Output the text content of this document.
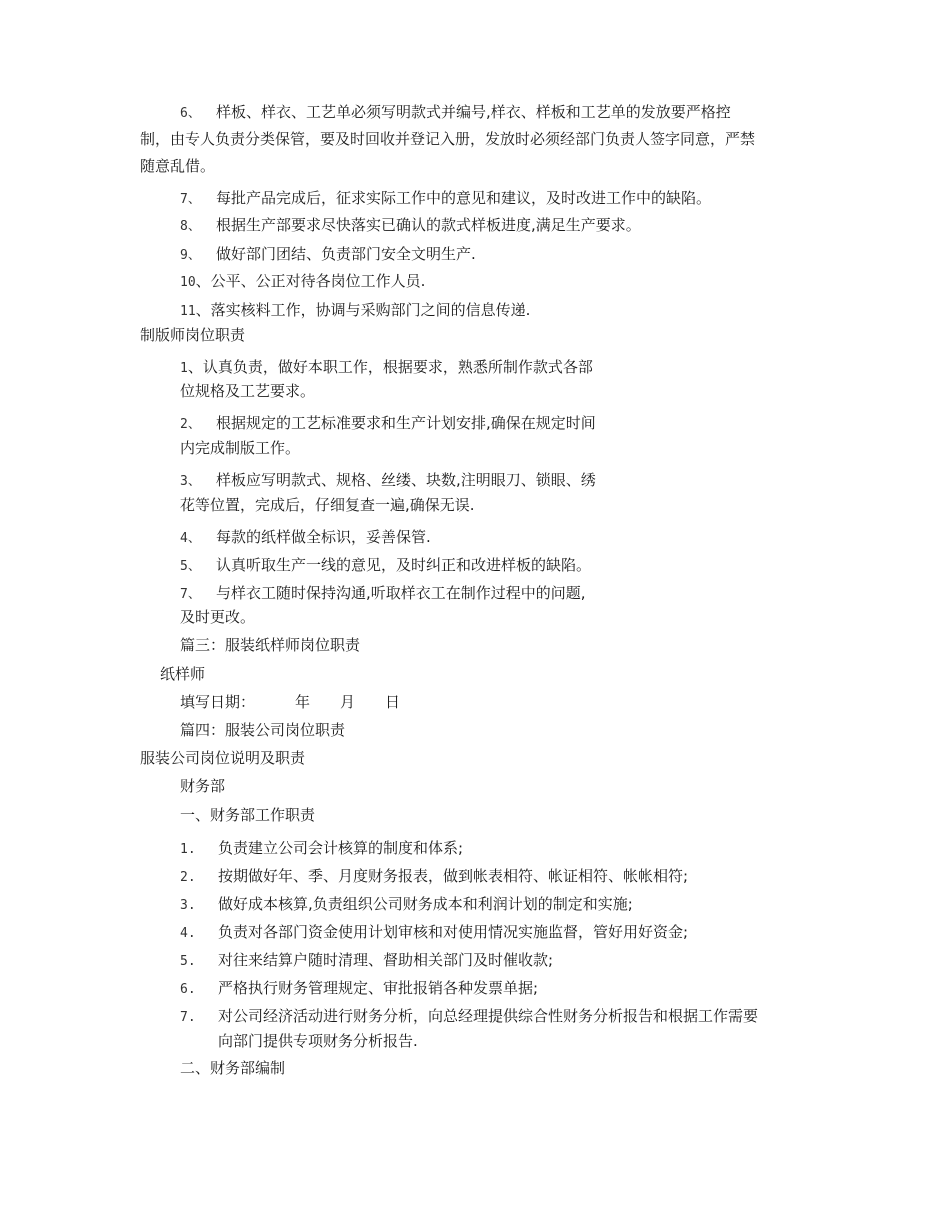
6、 样板、样衣、工艺单必须写明款式并编号,样衣、样板和工艺单的发放要严格控
制，由专人负责分类保管，要及时回收并登记入册，发放时必须经部门负责人签字同意，严禁
随意乱借。
7、 每批产品完成后，征求实际工作中的意见和建议，及时改进工作中的缺陷。
8、 根据生产部要求尽快落实已确认的款式样板进度,满足生产要求。
9、 做好部门团结、负责部门安全文明生产.
10、公平、公正对待各岗位工作人员.
11、落实核料工作，协调与采购部门之间的信息传递.
制版师岗位职责
1、认真负责，做好本职工作，根据要求，熟悉所制作款式各部
位规格及工艺要求。
2、 根据规定的工艺标准要求和生产计划安排,确保在规定时间
内完成制版工作。
3、 样板应写明款式、规格、丝缕、块数,注明眼刀、锁眼、绣
花等位置，完成后，仔细复查一遍,确保无误.
4、 每款的纸样做全标识，妥善保管.
5、 认真听取生产一线的意见，及时纠正和改进样板的缺陷。
7、 与样衣工随时保持沟通,听取样衣工在制作过程中的问题,
及时更改。
篇三：服装纸样师岗位职责
纸样师
填写日期：	年 月 日
篇四：服装公司岗位职责
服装公司岗位说明及职责
财务部
一、财务部工作职责
1. 负责建立公司会计核算的制度和体系;
2. 按期做好年、季、月度财务报表，做到帐表相符、帐证相符、帐帐相符;
3. 做好成本核算,负责组织公司财务成本和利润计划的制定和实施;
4. 负责对各部门资金使用计划审核和对使用情况实施监督，管好用好资金;
5. 对往来结算户随时清理、督助相关部门及时催收款;
6. 严格执行财务管理规定、审批报销各种发票单据;
7. 对公司经济活动进行财务分析，向总经理提供综合性财务分析报告和根据工作需要
向部门提供专项财务分析报告.
二、财务部编制
